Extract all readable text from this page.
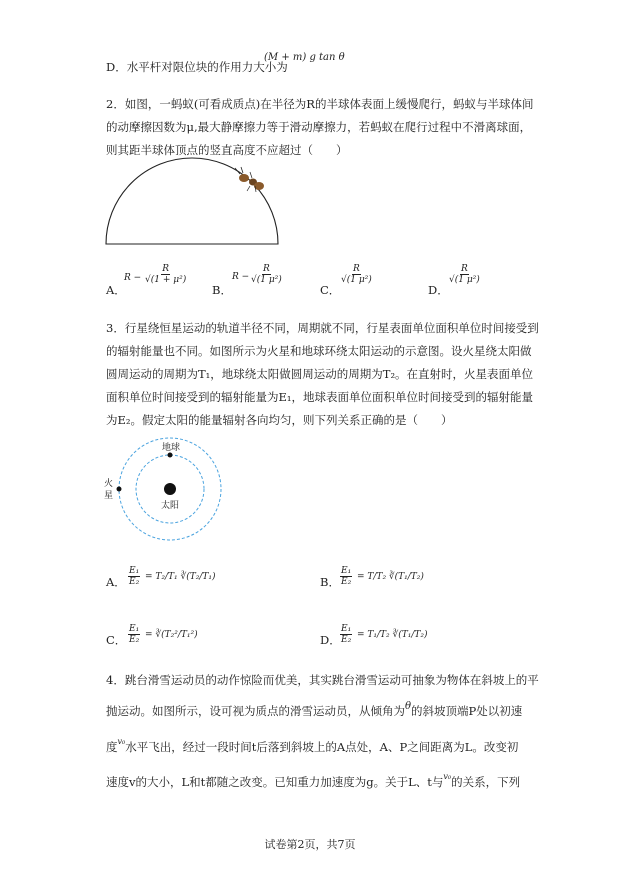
D．水平杆对限位块的作用力大小为
(M + m) g tan θ
2．如图，一蚂蚁(可看成质点)在半径为R的半球体表面上缓慢爬行，蚂蚁与半球体间
的动摩擦因数为μ,最大静摩擦力等于滑动摩擦力，若蚂蚁在爬行过程中不滑离球面，
则其距半球体顶点的竖直高度不应超过（　　）
A．
$R - \frac{R}{\text{√(1 + μ²)}}$
B．
$R - \frac{R}{\text{√(1 μ²)}}$
C．
$\frac{R}{\text{√(1 μ²)}}$
D．
$\frac{R}{\text{√(1 μ²)}}$
3．行星绕恒星运动的轨道半径不同，周期就不同，行星表面单位面积单位时间接受到
的辐射能量也不同。如图所示为火星和地球环绕太阳运动的示意图。设火星绕太阳做
圆周运动的周期为T₁，地球绕太阳做圆周运动的周期为T₂。在直射时，火星表面单位
面积单位时间接受到的辐射能量为E₁，地球表面单位面积单位时间接受到的辐射能量
为E₂。假定太阳的能量辐射各向均匀，则下列关系正确的是（　　）
地球
太阳
火
星
A． $\frac{\text{E₁}}{\text{E₂}} = T_2/T_1$ ∛(T₂/T₁)	B． $\frac{\text{E₁}}{\text{E₂}} = T/T_2$ ∛(T₁/T₂)
C． $\frac{\text{E₁}}{\text{E₂}}$ = ∛(T₂²/T₁²)	D． $\frac{\text{E₁}}{\text{E₂}} = T_1/T_2$ ∛(T₁/T₂)
4．跳台滑雪运动员的动作惊险而优美，其实跳台滑雪运动可抽象为物体在斜坡上的平
抛运动。如图所示，设可视为质点的滑雪运动员，从倾角为θ的斜坡顶端P处以初速
度$^{v_0}$水平飞出，经过一段时间t后落到斜坡上的A点处，A、P之间距离为L。改变初
速度v的大小，L和t都随之改变。已知重力加速度为g。关于L、t与$^{v_0}$的关系，下列
试卷第2页，共7页
